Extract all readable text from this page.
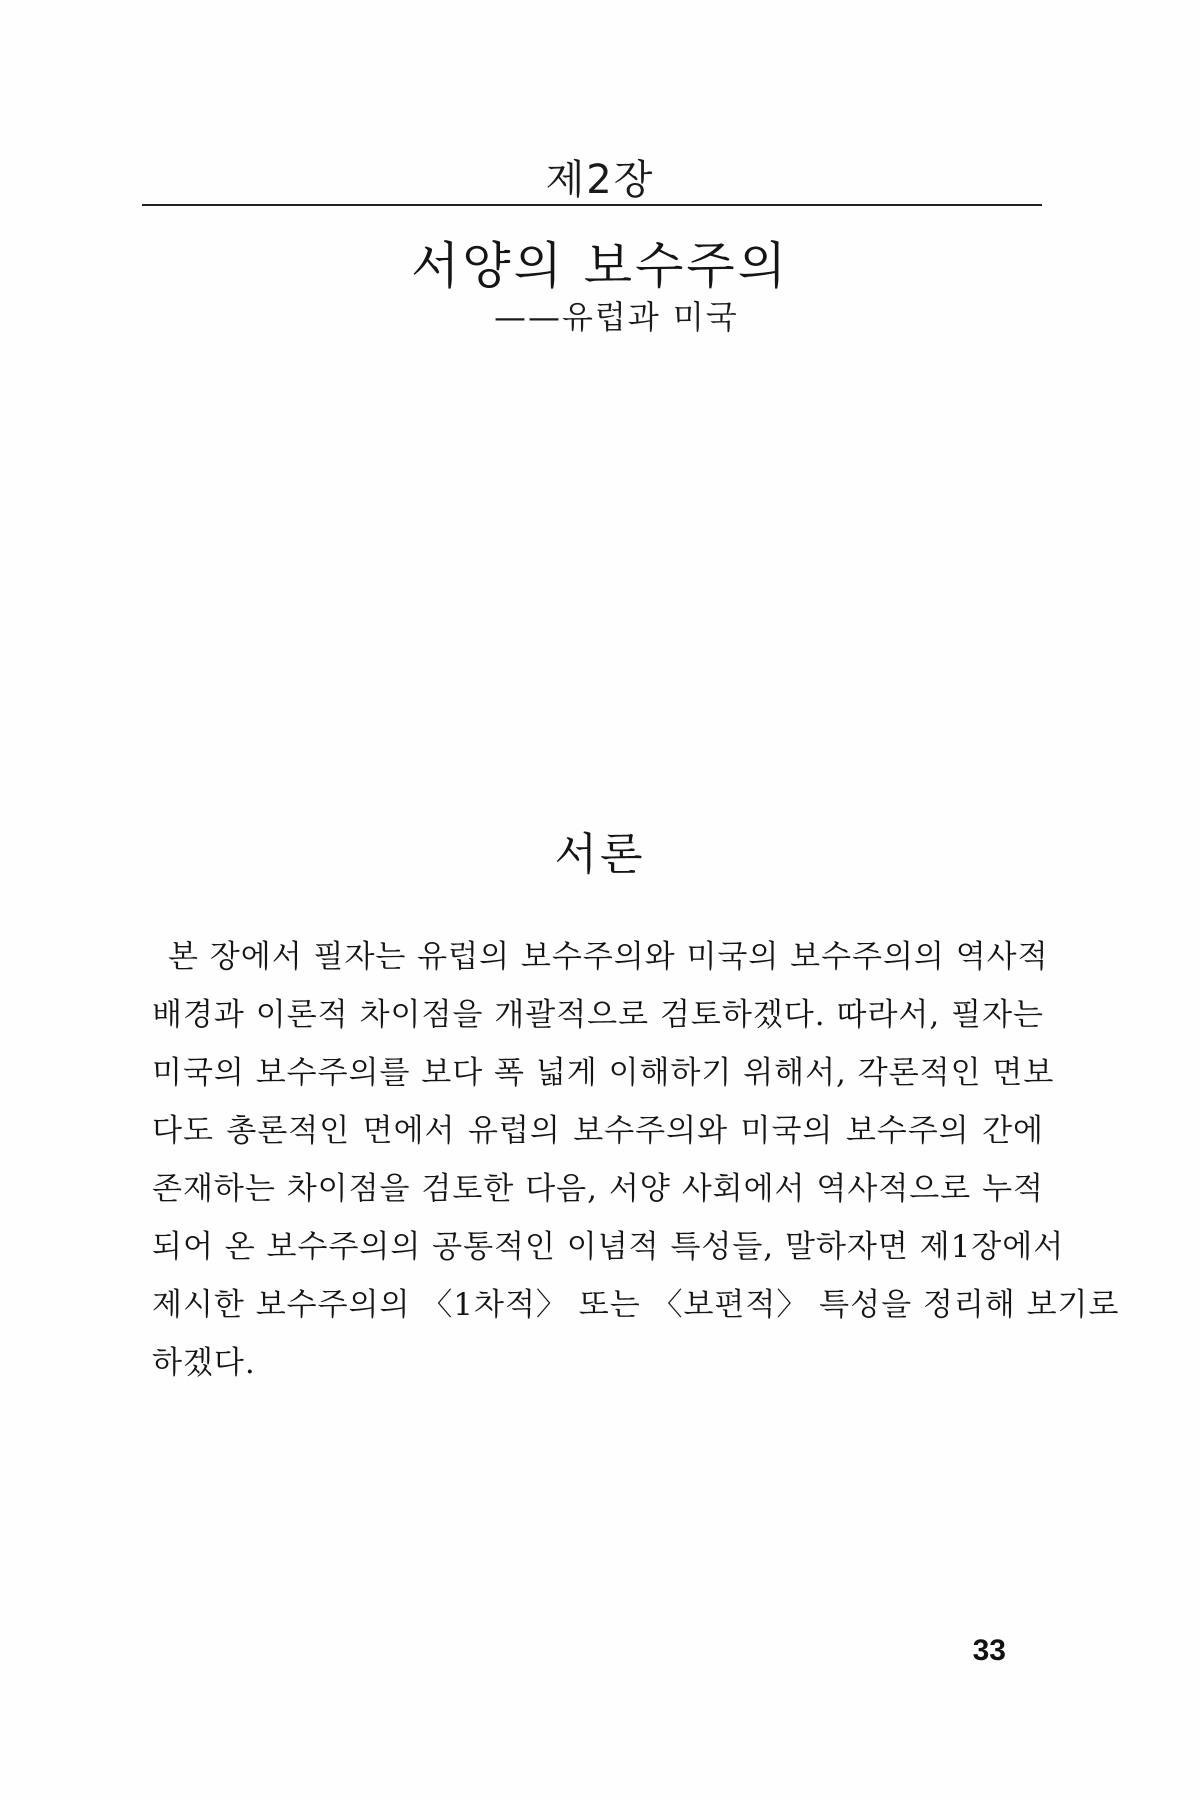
제2장
서양의 보수주의
——유럽과 미국
서론

본 장에서 필자는 유럽의 보수주의와 미국의 보수주의의 역사적
배경과 이론적 차이점을 개괄적으로 검토하겠다. 따라서, 필자는
미국의 보수주의를 보다 폭 넓게 이해하기 위해서, 각론적인 면보
다도 총론적인 면에서 유럽의 보수주의와 미국의 보수주의 간에
존재하는 차이점을 검토한 다음, 서양 사회에서 역사적으로 누적
되어 온 보수주의의 공통적인 이념적 특성들, 말하자면 제1장에서
제시한 보수주의의 〈1차적〉 또는 〈보편적〉 특성을 정리해 보기로
하겠다.

33
